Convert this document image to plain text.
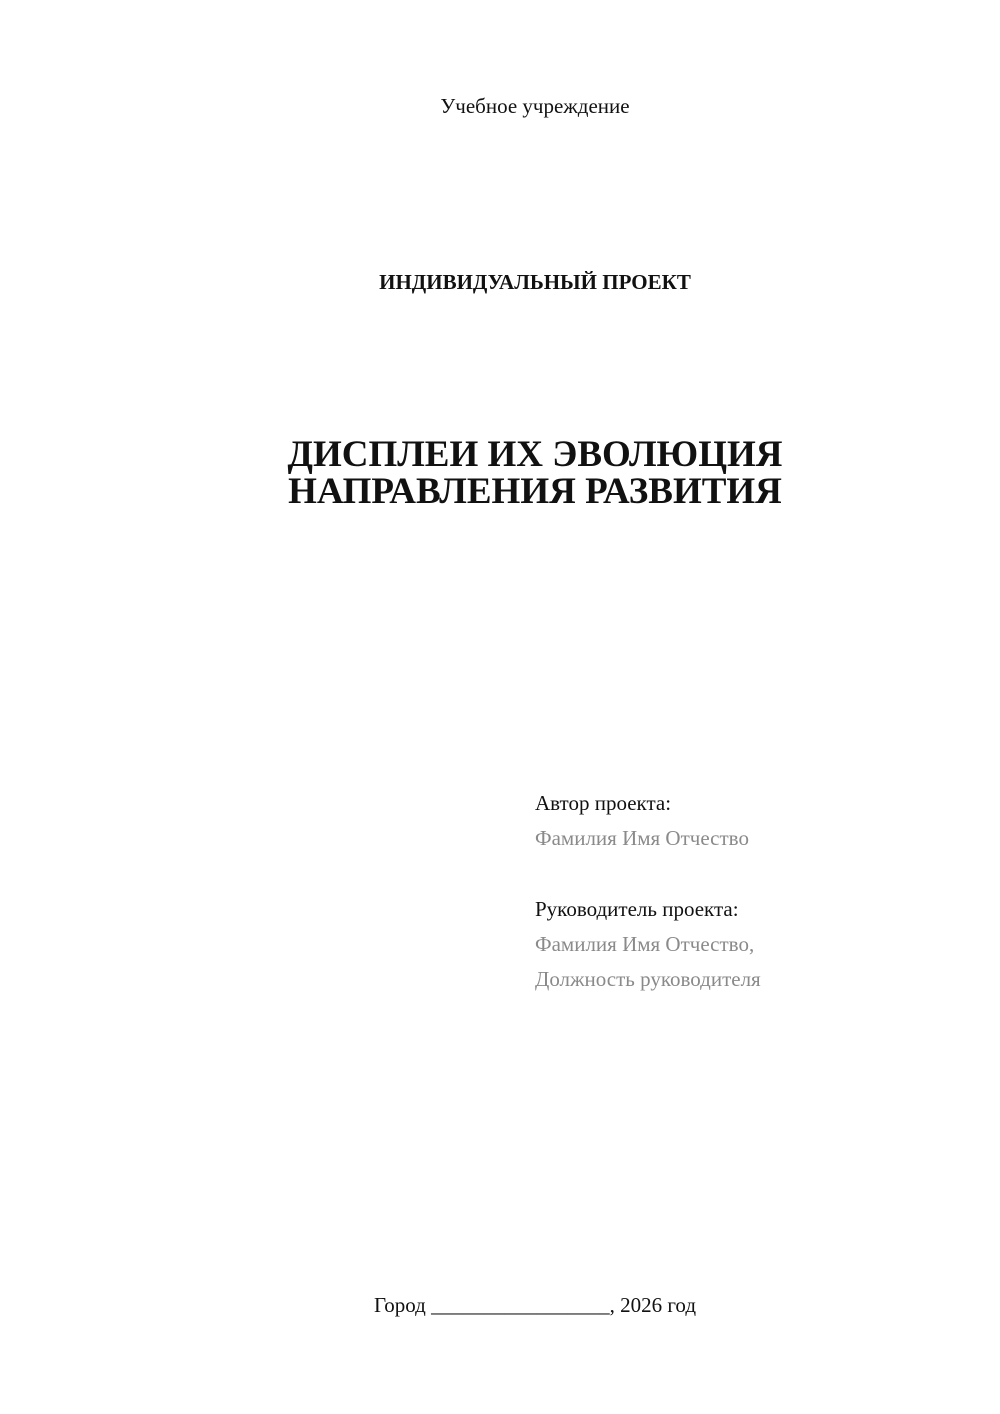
Учебное учреждение
ИНДИВИДУАЛЬНЫЙ ПРОЕКТ
ДИСПЛЕИ ИХ ЭВОЛЮЦИЯ
НАПРАВЛЕНИЯ РАЗВИТИЯ
Автор проекта:
Фамилия Имя Отчество
Руководитель проекта:
Фамилия Имя Отчество,
Должность руководителя
Город _________________, 2026 год
